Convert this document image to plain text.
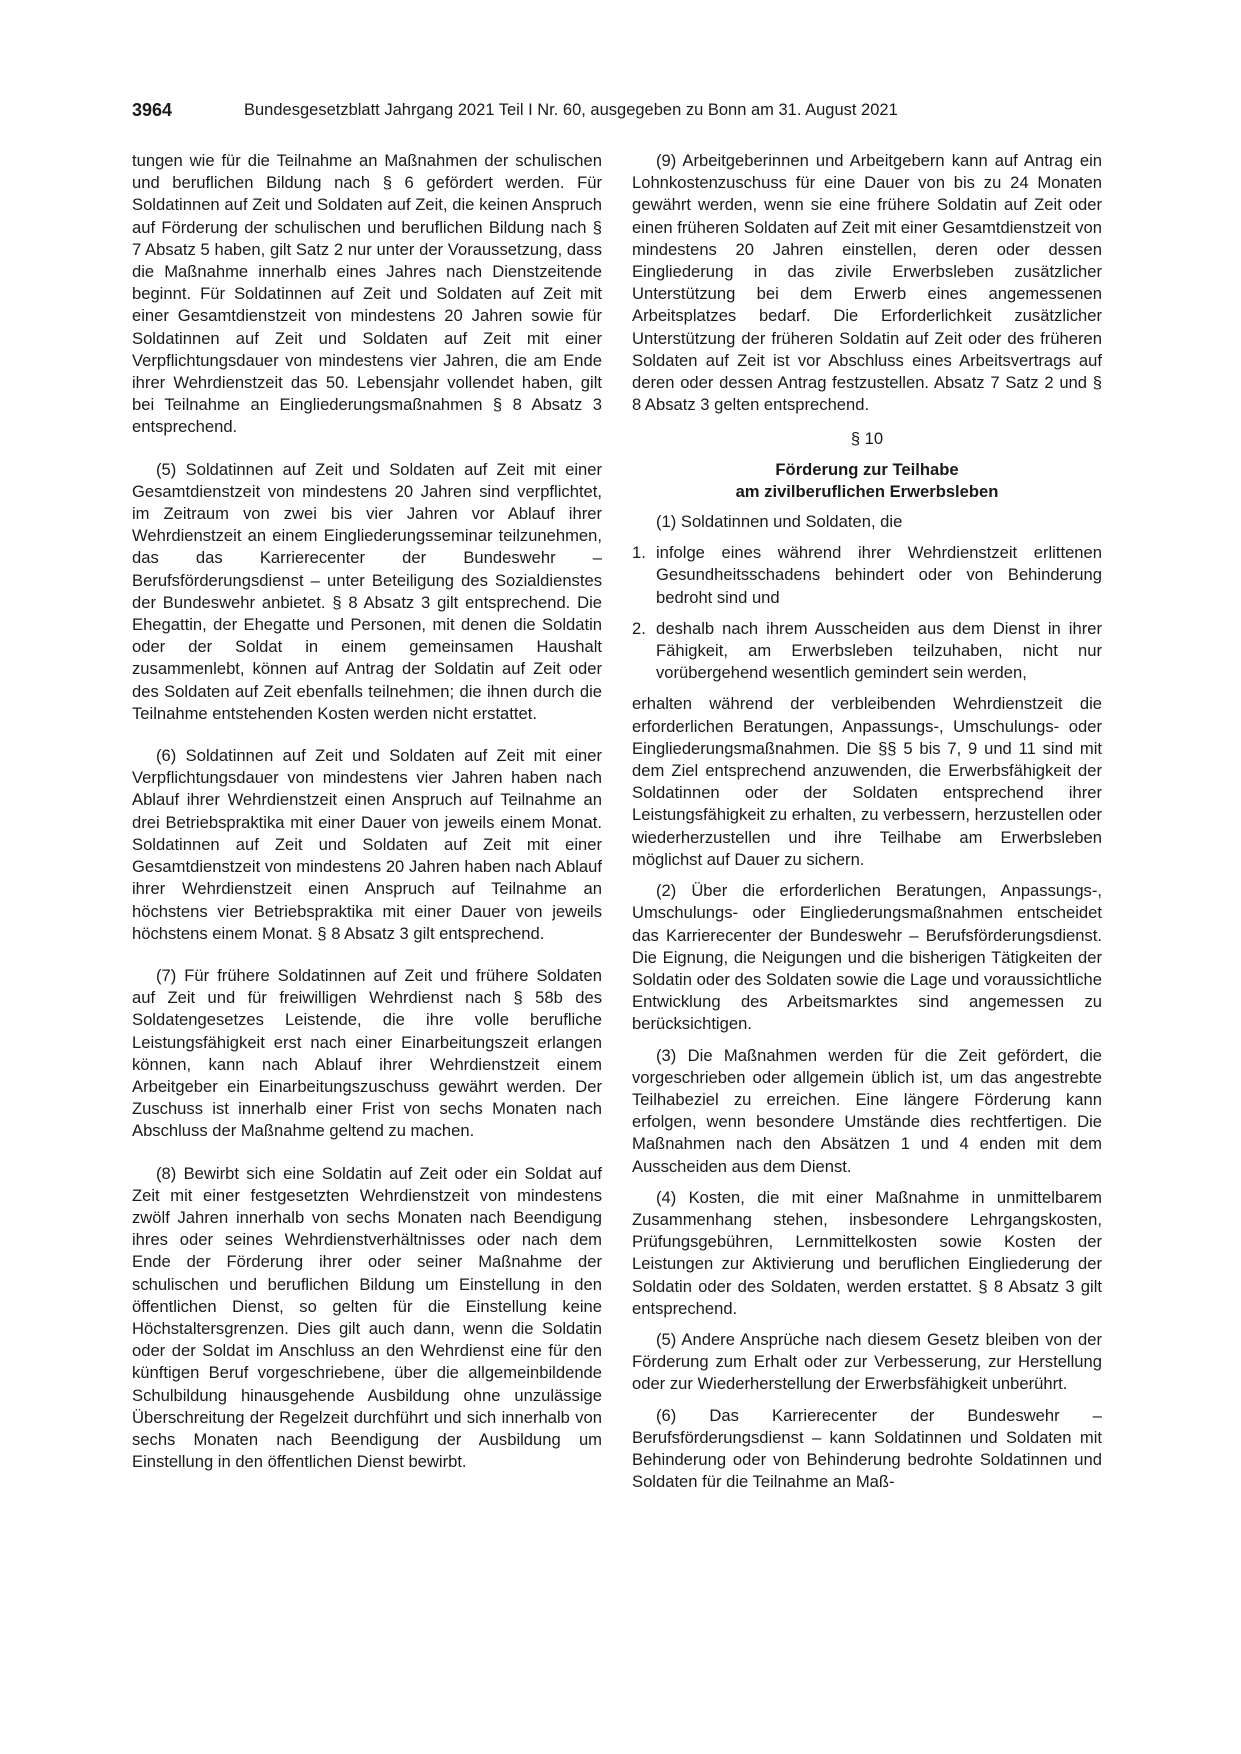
3964	Bundesgesetzblatt Jahrgang 2021 Teil I Nr. 60, ausgegeben zu Bonn am 31. August 2021

tungen wie für die Teilnahme an Maßnahmen der schulischen und beruflichen Bildung nach § 6 gefördert werden. Für Soldatinnen auf Zeit und Soldaten auf Zeit, die keinen Anspruch auf Förderung der schulischen und beruflichen Bildung nach § 7 Absatz 5 haben, gilt Satz 2 nur unter der Voraussetzung, dass die Maßnahme innerhalb eines Jahres nach Dienstzeitende beginnt. Für Soldatinnen auf Zeit und Soldaten auf Zeit mit einer Gesamtdienstzeit von mindestens 20 Jahren sowie für Soldatinnen auf Zeit und Soldaten auf Zeit mit einer Verpflichtungsdauer von mindestens vier Jahren, die am Ende ihrer Wehrdienstzeit das 50. Lebensjahr vollendet haben, gilt bei Teilnahme an Eingliederungsmaßnahmen § 8 Absatz 3 entsprechend.

(5) Soldatinnen auf Zeit und Soldaten auf Zeit mit einer Gesamtdienstzeit von mindestens 20 Jahren sind verpflichtet, im Zeitraum von zwei bis vier Jahren vor Ablauf ihrer Wehrdienstzeit an einem Eingliederungsseminar teilzunehmen, das das Karrierecenter der Bundeswehr – Berufsförderungsdienst – unter Beteiligung des Sozialdienstes der Bundeswehr anbietet. § 8 Absatz 3 gilt entsprechend. Die Ehegattin, der Ehegatte und Personen, mit denen die Soldatin oder der Soldat in einem gemeinsamen Haushalt zusammenlebt, können auf Antrag der Soldatin auf Zeit oder des Soldaten auf Zeit ebenfalls teilnehmen; die ihnen durch die Teilnahme entstehenden Kosten werden nicht erstattet.

(6) Soldatinnen auf Zeit und Soldaten auf Zeit mit einer Verpflichtungsdauer von mindestens vier Jahren haben nach Ablauf ihrer Wehrdienstzeit einen Anspruch auf Teilnahme an drei Betriebspraktika mit einer Dauer von jeweils einem Monat. Soldatinnen auf Zeit und Soldaten auf Zeit mit einer Gesamtdienstzeit von mindestens 20 Jahren haben nach Ablauf ihrer Wehrdienstzeit einen Anspruch auf Teilnahme an höchstens vier Betriebspraktika mit einer Dauer von jeweils höchstens einem Monat. § 8 Absatz 3 gilt entsprechend.

(7) Für frühere Soldatinnen auf Zeit und frühere Soldaten auf Zeit und für freiwilligen Wehrdienst nach § 58b des Soldatengesetzes Leistende, die ihre volle berufliche Leistungsfähigkeit erst nach einer Einarbeitungszeit erlangen können, kann nach Ablauf ihrer Wehrdienstzeit einem Arbeitgeber ein Einarbeitungszuschuss gewährt werden. Der Zuschuss ist innerhalb einer Frist von sechs Monaten nach Abschluss der Maßnahme geltend zu machen.

(8) Bewirbt sich eine Soldatin auf Zeit oder ein Soldat auf Zeit mit einer festgesetzten Wehrdienstzeit von mindestens zwölf Jahren innerhalb von sechs Monaten nach Beendigung ihres oder seines Wehrdienstverhältnisses oder nach dem Ende der Förderung ihrer oder seiner Maßnahme der schulischen und beruflichen Bildung um Einstellung in den öffentlichen Dienst, so gelten für die Einstellung keine Höchstaltersgrenzen. Dies gilt auch dann, wenn die Soldatin oder der Soldat im Anschluss an den Wehrdienst eine für den künftigen Beruf vorgeschriebene, über die allgemeinbildende Schulbildung hinausgehende Ausbildung ohne unzulässige Überschreitung der Regelzeit durchführt und sich innerhalb von sechs Monaten nach Beendigung der Ausbildung um Einstellung in den öffentlichen Dienst bewirbt.

(9) Arbeitgeberinnen und Arbeitgebern kann auf Antrag ein Lohnkostenzuschuss für eine Dauer von bis zu 24 Monaten gewährt werden, wenn sie eine frühere Soldatin auf Zeit oder einen früheren Soldaten auf Zeit mit einer Gesamtdienstzeit von mindestens 20 Jahren einstellen, deren oder dessen Eingliederung in das zivile Erwerbsleben zusätzlicher Unterstützung bei dem Erwerb eines angemessenen Arbeitsplatzes bedarf. Die Erforderlichkeit zusätzlicher Unterstützung der früheren Soldatin auf Zeit oder des früheren Soldaten auf Zeit ist vor Abschluss eines Arbeitsvertrags auf deren oder dessen Antrag festzustellen. Absatz 7 Satz 2 und § 8 Absatz 3 gelten entsprechend.

§ 10
Förderung zur Teilhabe
am zivilberuflichen Erwerbsleben

(1) Soldatinnen und Soldaten, die

1. infolge eines während ihrer Wehrdienstzeit erlittenen Gesundheitsschadens behindert oder von Behinderung bedroht sind und
2. deshalb nach ihrem Ausscheiden aus dem Dienst in ihrer Fähigkeit, am Erwerbsleben teilzuhaben, nicht nur vorübergehend wesentlich gemindert sein werden,

erhalten während der verbleibenden Wehrdienstzeit die erforderlichen Beratungen, Anpassungs-, Umschulungs- oder Eingliederungsmaßnahmen. Die §§ 5 bis 7, 9 und 11 sind mit dem Ziel entsprechend anzuwenden, die Erwerbsfähigkeit der Soldatinnen oder der Soldaten entsprechend ihrer Leistungsfähigkeit zu erhalten, zu verbessern, herzustellen oder wiederherzustellen und ihre Teilhabe am Erwerbsleben möglichst auf Dauer zu sichern.

(2) Über die erforderlichen Beratungen, Anpassungs-, Umschulungs- oder Eingliederungsmaßnahmen entscheidet das Karrierecenter der Bundeswehr – Berufsförderungsdienst. Die Eignung, die Neigungen und die bisherigen Tätigkeiten der Soldatin oder des Soldaten sowie die Lage und voraussichtliche Entwicklung des Arbeitsmarktes sind angemessen zu berücksichtigen.

(3) Die Maßnahmen werden für die Zeit gefördert, die vorgeschrieben oder allgemein üblich ist, um das angestrebte Teilhabeziel zu erreichen. Eine längere Förderung kann erfolgen, wenn besondere Umstände dies rechtfertigen. Die Maßnahmen nach den Absätzen 1 und 4 enden mit dem Ausscheiden aus dem Dienst.

(4) Kosten, die mit einer Maßnahme in unmittelbarem Zusammenhang stehen, insbesondere Lehrgangskosten, Prüfungsgebühren, Lernmittelkosten sowie Kosten der Leistungen zur Aktivierung und beruflichen Eingliederung der Soldatin oder des Soldaten, werden erstattet. § 8 Absatz 3 gilt entsprechend.

(5) Andere Ansprüche nach diesem Gesetz bleiben von der Förderung zum Erhalt oder zur Verbesserung, zur Herstellung oder zur Wiederherstellung der Erwerbsfähigkeit unberührt.

(6) Das Karrierecenter der Bundeswehr – Berufsförderungsdienst – kann Soldatinnen und Soldaten mit Behinderung oder von Behinderung bedrohte Soldatinnen und Soldaten für die Teilnahme an Maß-
